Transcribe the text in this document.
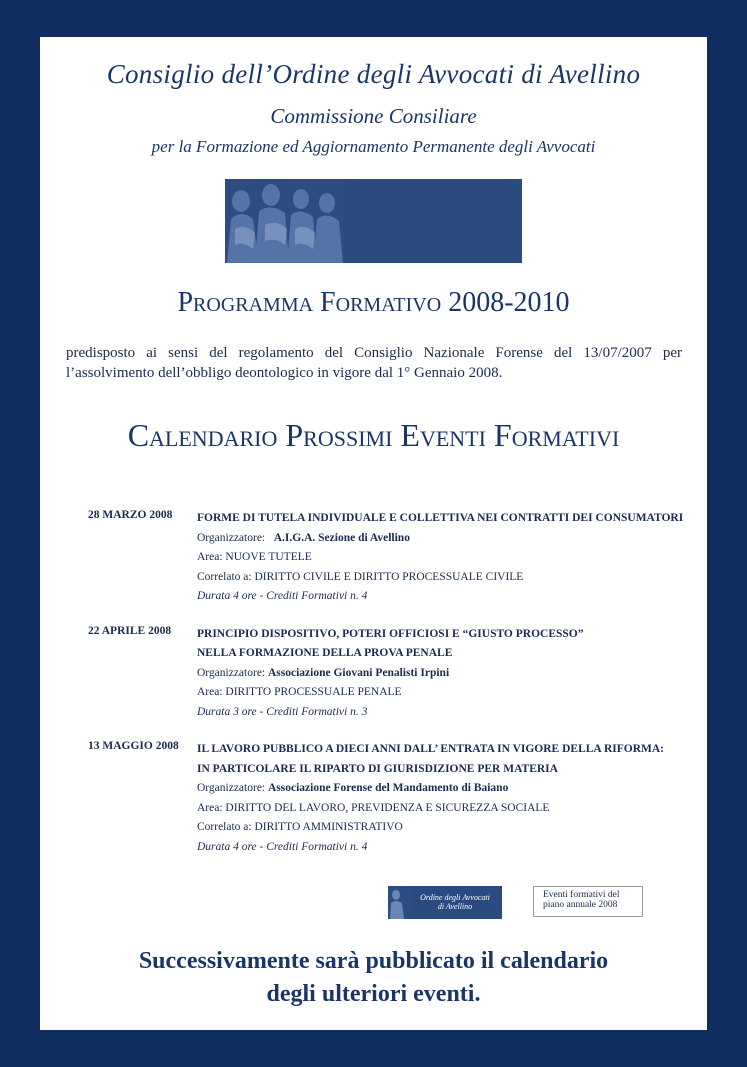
Consiglio dell’Ordine degli Avvocati di Avellino
Commissione Consiliare
per la Formazione ed Aggiornamento Permanente degli Avvocati
Programma Formativo 2008-2010
predisposto ai sensi del regolamento del Consiglio Nazionale Forense del 13/07/2007 per l’assolvimento dell’obbligo deontologico in vigore dal 1° Gennaio 2008.
Calendario Prossimi Eventi Formativi
28 MARZO 2008	FORME DI TUTELA INDIVIDUALE E COLLETTIVA NEI CONTRATTI DEI CONSUMATORI
Organizzatore: A.I.G.A. Sezione di Avellino
Area: NUOVE TUTELE
Correlato a: DIRITTO CIVILE E DIRITTO PROCESSUALE CIVILE
Durata 4 ore - Crediti Formativi n. 4
22 APRILE 2008	PRINCIPIO DISPOSITIVO, POTERI OFFICIOSI E “GIUSTO PROCESSO”
NELLA FORMAZIONE DELLA PROVA PENALE
Organizzatore: Associazione Giovani Penalisti Irpini
Area: DIRITTO PROCESSUALE PENALE
Durata 3 ore - Crediti Formativi n. 3
13 MAGGIO 2008	IL LAVORO PUBBLICO A DIECI ANNI DALL’ ENTRATA IN VIGORE DELLA RIFORMA:
IN PARTICOLARE IL RIPARTO DI GIURISDIZIONE PER MATERIA
Organizzatore: Associazione Forense del Mandamento di Baiano
Area: DIRITTO DEL LAVORO, PREVIDENZA E SICUREZZA SOCIALE
Correlato a: DIRITTO AMMINISTRATIVO
Durata 4 ore - Crediti Formativi n. 4
Ordine degli Avvocati
di Avellino
Eventi formativi del
piano annuale 2008
Successivamente sarà pubblicato il calendario
degli ulteriori eventi.
